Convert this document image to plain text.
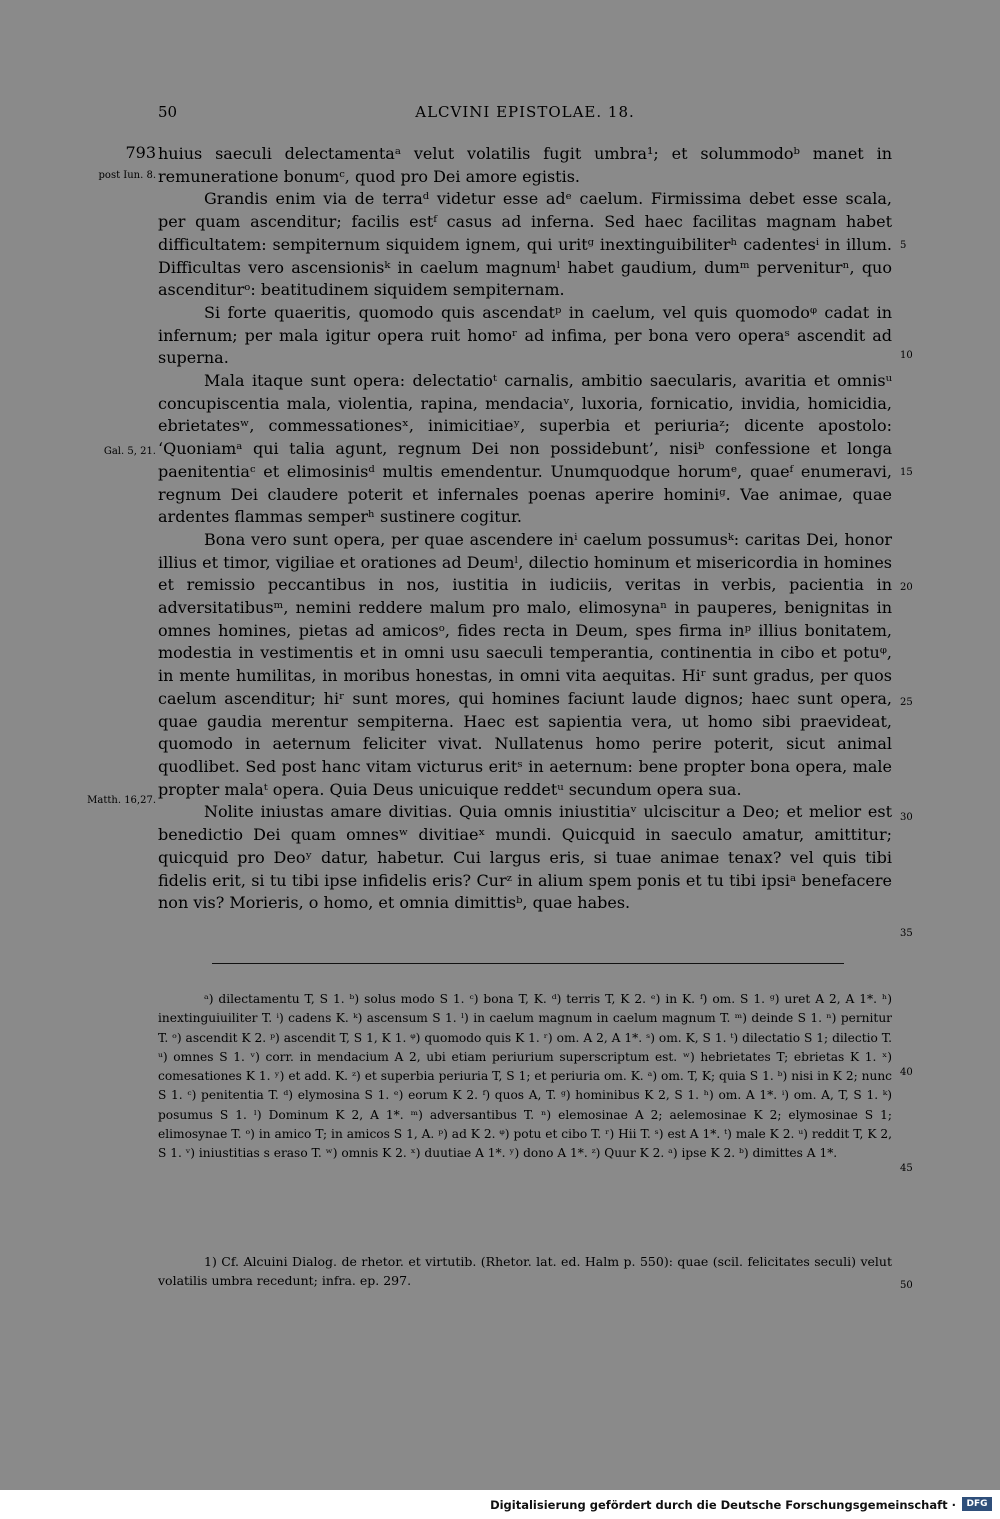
50	ALCVINI EPISTOLAE. 18.
793
post Iun. 8.
Gal. 5, 21.
Matth. 16,27.
5
10
15
20
25
30
35
40
45
50

huius saeculi delectamentaᵃ velut volatilis fugit umbra¹; et solummodoᵇ manet in remuneratione bonumᶜ, quod pro Dei amore egistis.

Grandis enim via de terraᵈ videtur esse adᵉ caelum. Firmissima debet esse scala, per quam ascenditur; facilis estᶠ casus ad inferna. Sed haec facilitas magnam habet difficultatem: sempiternum siquidem ignem, qui uritᵍ inextinguibiliterʰ cadentesⁱ in illum. Difficultas vero ascensionisᵏ in caelum magnumˡ habet gaudium, dumᵐ perveniturⁿ, quo ascenditurᵒ: beatitudinem siquidem sempiternam.

Si forte quaeritis, quomodo quis ascendatᵖ in caelum, vel quis quomodoᵠ cadat in infernum; per mala igitur opera ruit homoʳ ad infima, per bona vero operaˢ ascendit ad superna.

Mala itaque sunt opera: delectatioᵗ carnalis, ambitio saecularis, avaritia et omnisᵘ concupiscentia mala, violentia, rapina, mendaciaᵛ, luxoria, fornicatio, invidia, homicidia, ebrietatesʷ, commessationesˣ, inimicitiaeʸ, superbia et periuriaᶻ; dicente apostolo: ‘Quoniamᵃ qui talia agunt, regnum Dei non possidebunt’, nisiᵇ confessione et longa paenitentiaᶜ et elimosinisᵈ multis emendentur. Unumquodque horumᵉ, quaeᶠ enumeravi, regnum Dei claudere poterit et infernales poenas aperire hominiᵍ. Vae animae, quae ardentes flammas semperʰ sustinere cogitur.

Bona vero sunt opera, per quae ascendere inⁱ caelum possumusᵏ: caritas Dei, honor illius et timor, vigiliae et orationes ad Deumˡ, dilectio hominum et misericordia in homines et remissio peccantibus in nos, iustitia in iudiciis, veritas in verbis, pacientia in adversitatibusᵐ, nemini reddere malum pro malo, elimosynaⁿ in pauperes, benignitas in omnes homines, pietas ad amicosᵒ, fides recta in Deum, spes firma inᵖ illius bonitatem, modestia in vestimentis et in omni usu saeculi temperantia, continentia in cibo et potuᵠ, in mente humilitas, in moribus honestas, in omni vita aequitas. Hiʳ sunt gradus, per quos caelum ascenditur; hiʳ sunt mores, qui homines faciunt laude dignos; haec sunt opera, quae gaudia merentur sempiterna. Haec est sapientia vera, ut homo sibi praevideat, quomodo in aeternum feliciter vivat. Nullatenus homo perire poterit, sicut animal quodlibet. Sed post hanc vitam victurus eritˢ in aeternum: bene propter bona opera, male propter malaᵗ opera. Quia Deus unicuique reddetᵘ secundum opera sua.

Nolite iniustas amare divitias. Quia omnis iniustitiaᵛ ulciscitur a Deo; et melior est benedictio Dei quam omnesʷ divitiaeˣ mundi. Quicquid in saeculo amatur, amittitur; quicquid pro Deoʸ datur, habetur. Cui largus eris, si tuae animae tenax? vel quis tibi fidelis erit, si tu tibi ipse infidelis eris? Curᶻ in alium spem ponis et tu tibi ipsiᵃ benefacere non vis? Morieris, o homo, et omnia dimittisᵇ, quae habes.

ᵃ) dilectamentu T, S 1. ᵇ) solus modo S 1. ᶜ) bona T, K. ᵈ) terris T, K 2. ᵉ) in K. ᶠ) om. S 1. ᵍ) uret A 2, A 1*. ʰ) inextinguiuiliter T. ⁱ) cadens K. ᵏ) ascensum S 1. ˡ) in caelum magnum in caelum magnum T. ᵐ) deinde S 1. ⁿ) pernitur T. ᵒ) ascendit K 2. ᵖ) ascendit T, S 1, K 1. ᵠ) quomodo quis K 1. ʳ) om. A 2, A 1*. ˢ) om. K, S 1. ᵗ) dilectatio S 1; dilectio T. ᵘ) omnes S 1. ᵛ) corr. in mendacium A 2, ubi etiam periurium superscriptum est. ʷ) hebrietates T; ebrietas K 1. ˣ) comesationes K 1. ʸ) et add. K. ᶻ) et superbia periuria T, S 1; et periuria om. K. ᵃ) om. T, K; quia S 1. ᵇ) nisi in K 2; nunc S 1. ᶜ) penitentia T. ᵈ) elymosina S 1. ᵉ) eorum K 2. ᶠ) quos A, T. ᵍ) hominibus K 2, S 1. ʰ) om. A 1*. ⁱ) om. A, T, S 1. ᵏ) posumus S 1. ˡ) Dominum K 2, A 1*. ᵐ) adversantibus T. ⁿ) elemosinae A 2; aelemosinae K 2; elymosinae S 1; elimosynae T. ᵒ) in amico T; in amicos S 1, A. ᵖ) ad K 2. ᵠ) potu et cibo T. ʳ) Hii T. ˢ) est A 1*. ᵗ) male K 2. ᵘ) reddit T, K 2, S 1. ᵛ) iniustitias s eraso T. ʷ) omnis K 2. ˣ) duutiae A 1*. ʸ) dono A 1*. ᶻ) Quur K 2. ᵃ) ipse K 2. ᵇ) dimittes A 1*.

1) Cf. Alcuini Dialog. de rhetor. et virtutib. (Rhetor. lat. ed. Halm p. 550): quae (scil. felicitates seculi) velut volatilis umbra recedunt; infra. ep. 297.

Digitalisierung gefördert durch die Deutsche Forschungsgemeinschaft ·	DFG
